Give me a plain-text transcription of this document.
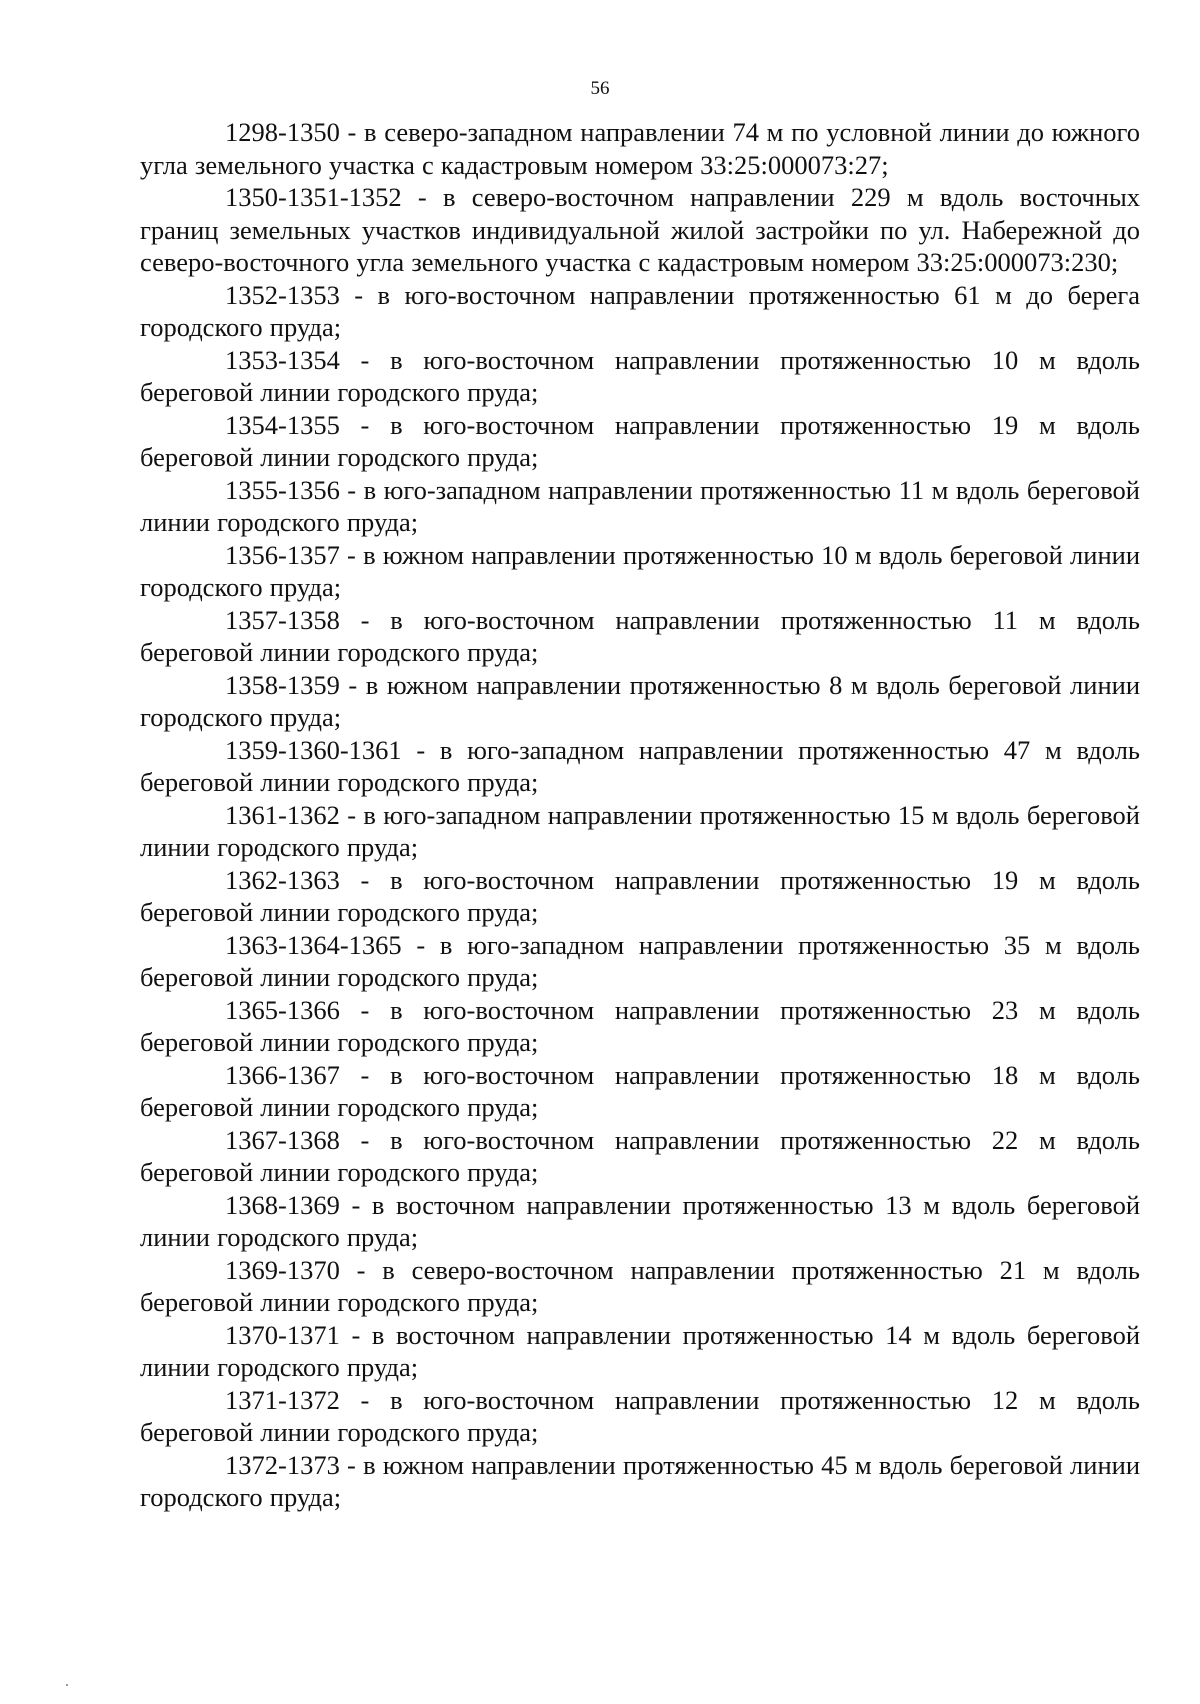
56

1298-1350 - в северо-западном направлении 74 м по условной линии до южного угла земельного участка с кадастровым номером 33:25:000073:27;

1350-1351-1352 - в северо-восточном направлении 229 м вдоль восточных границ земельных участков индивидуальной жилой застройки по ул. Набережной до северо-восточного угла земельного участка с кадастровым номером 33:25:000073:230;

1352-1353 - в юго-восточном направлении протяженностью 61 м до берега городского пруда;

1353-1354 - в юго-восточном направлении протяженностью 10 м вдоль береговой линии городского пруда;

1354-1355 - в юго-восточном направлении протяженностью 19 м вдоль береговой линии городского пруда;

1355-1356 - в юго-западном направлении протяженностью 11 м вдоль береговой линии городского пруда;

1356-1357 - в южном направлении протяженностью 10 м вдоль береговой линии городского пруда;

1357-1358 - в юго-восточном направлении протяженностью 11 м вдоль береговой линии городского пруда;

1358-1359 - в южном направлении протяженностью 8 м вдоль береговой линии городского пруда;

1359-1360-1361 - в юго-западном направлении протяженностью 47 м вдоль береговой линии городского пруда;

1361-1362 - в юго-западном направлении протяженностью 15 м вдоль береговой линии городского пруда;

1362-1363 - в юго-восточном направлении протяженностью 19 м вдоль береговой линии городского пруда;

1363-1364-1365 - в юго-западном направлении протяженностью 35 м вдоль береговой линии городского пруда;

1365-1366 - в юго-восточном направлении протяженностью 23 м вдоль береговой линии городского пруда;

1366-1367 - в юго-восточном направлении протяженностью 18 м вдоль береговой линии городского пруда;

1367-1368 - в юго-восточном направлении протяженностью 22 м вдоль береговой линии городского пруда;

1368-1369 - в восточном направлении протяженностью 13 м вдоль береговой линии городского пруда;

1369-1370 - в северо-восточном направлении протяженностью 21 м вдоль береговой линии городского пруда;

1370-1371 - в восточном направлении протяженностью 14 м вдоль береговой линии городского пруда;

1371-1372 - в юго-восточном направлении протяженностью 12 м вдоль береговой линии городского пруда;

1372-1373 - в южном направлении протяженностью 45 м вдоль береговой линии городского пруда;
